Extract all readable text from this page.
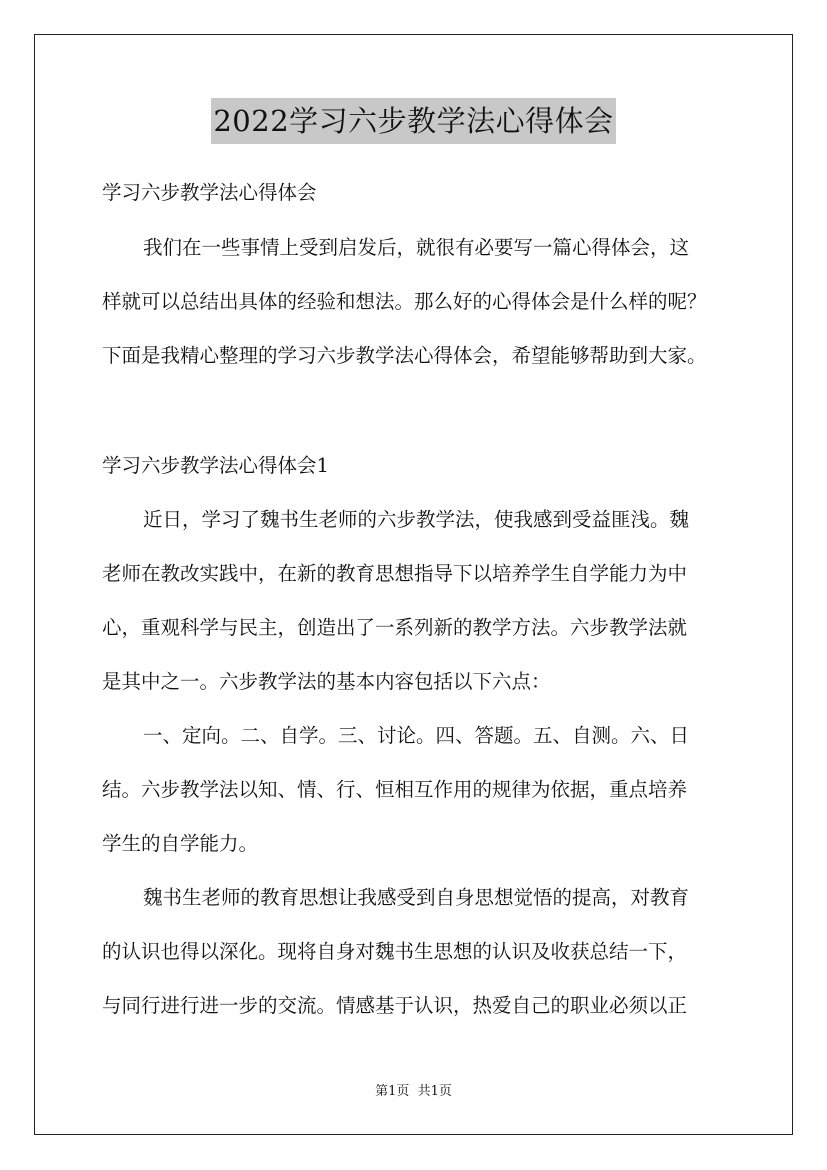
2022学习六步教学法心得体会
学习六步教学法心得体会
我们在一些事情上受到启发后，就很有必要写一篇心得体会，这
样就可以总结出具体的经验和想法。那么好的心得体会是什么样的呢？
下面是我精心整理的学习六步教学法心得体会，希望能够帮助到大家。
学习六步教学法心得体会1
近日，学习了魏书生老师的六步教学法，使我感到受益匪浅。魏
老师在教改实践中，在新的教育思想指导下以培养学生自学能力为中
心，重观科学与民主，创造出了一系列新的教学方法。六步教学法就
是其中之一。六步教学法的基本内容包括以下六点：
一、定向。二、自学。三、讨论。四、答题。五、自测。六、日
结。六步教学法以知、情、行、恒相互作用的规律为依据，重点培养
学生的自学能力。
魏书生老师的教育思想让我感受到自身思想觉悟的提高，对教育
的认识也得以深化。现将自身对魏书生思想的认识及收获总结一下，
与同行进行进一步的交流。情感基于认识，热爱自己的职业必须以正
第1页  共1页
